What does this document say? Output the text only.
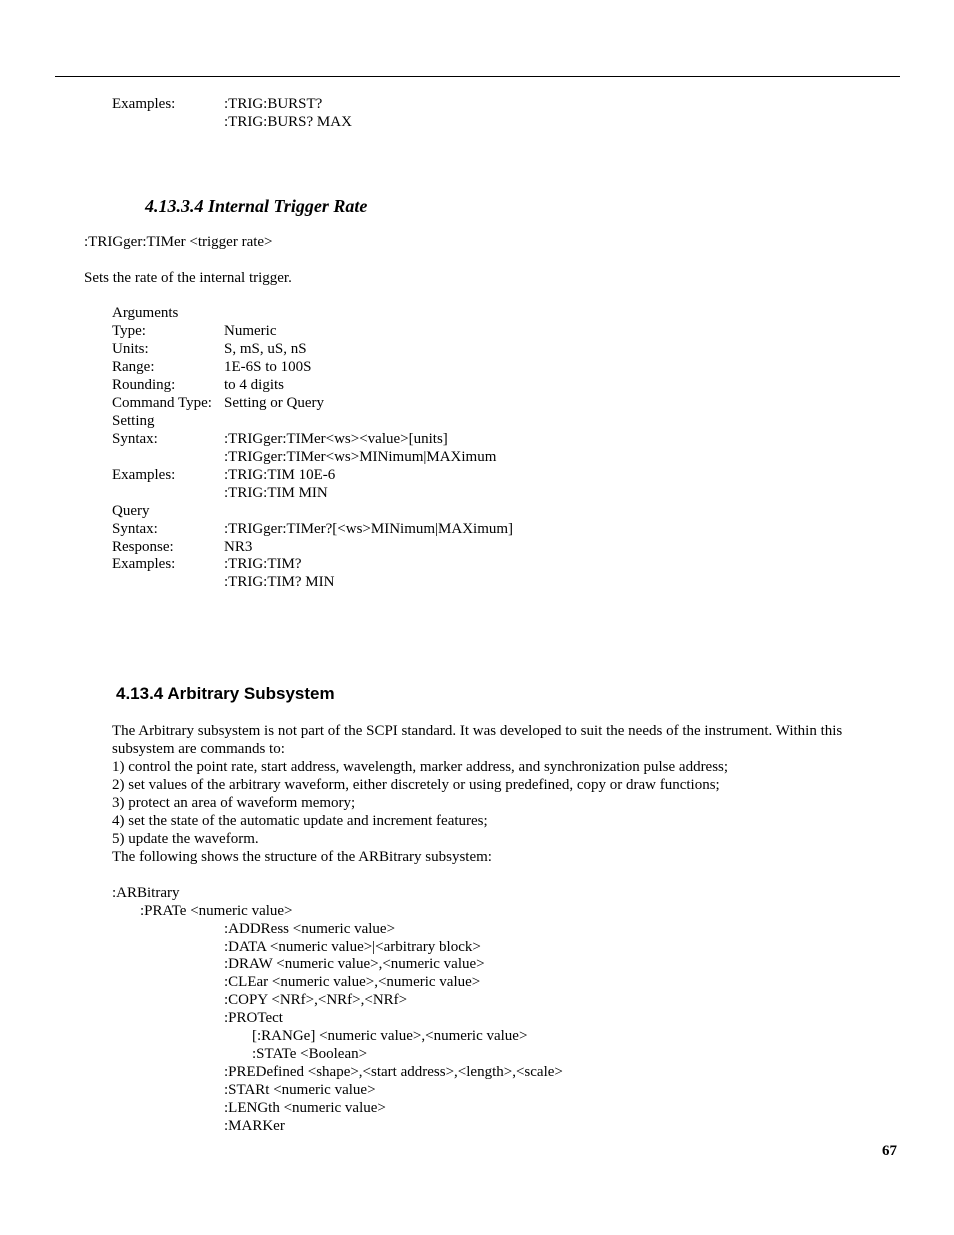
Examples:	:TRIG:BURST?
:TRIG:BURS? MAX
4.13.3.4 Internal Trigger Rate
:TRIGger:TIMer <trigger rate>
Sets the rate of the internal trigger.
Arguments
Type:	Numeric
Units:	S, mS, uS, nS
Range:	1E-6S to 100S
Rounding:	to 4 digits
Command Type: Setting or Query
Setting
Syntax:	:TRIGger:TIMer<ws><value>[units]
:TRIGger:TIMer<ws>MINimum|MAXimum
Examples:	:TRIG:TIM 10E-6
:TRIG:TIM MIN
Query
Syntax:	:TRIGger:TIMer?[<ws>MINimum|MAXimum]
Response:	NR3
Examples:	:TRIG:TIM?
:TRIG:TIM? MIN
4.13.4 Arbitrary Subsystem
The Arbitrary subsystem is not part of the SCPI standard. It was developed to suit the needs of the instrument. Within this
subsystem are commands to:
1) control the point rate, start address, wavelength, marker address, and synchronization pulse address;
2) set values of the arbitrary waveform, either discretely or using predefined, copy or draw functions;
3) protect an area of waveform memory;
4) set the state of the automatic update and increment features;
5) update the waveform.
The following shows the structure of the ARBitrary subsystem:
:ARBitrary
:PRATe <numeric value>
:ADDRess <numeric value>
:DATA <numeric value>|<arbitrary block>
:DRAW <numeric value>,<numeric value>
:CLEar <numeric value>,<numeric value>
:COPY <NRf>,<NRf>,<NRf>
:PROTect
[:RANGe] <numeric value>,<numeric value>
:STATe <Boolean>
:PREDefined <shape>,<start address>,<length>,<scale>
:STARt <numeric value>
:LENGth <numeric value>
:MARKer
67
